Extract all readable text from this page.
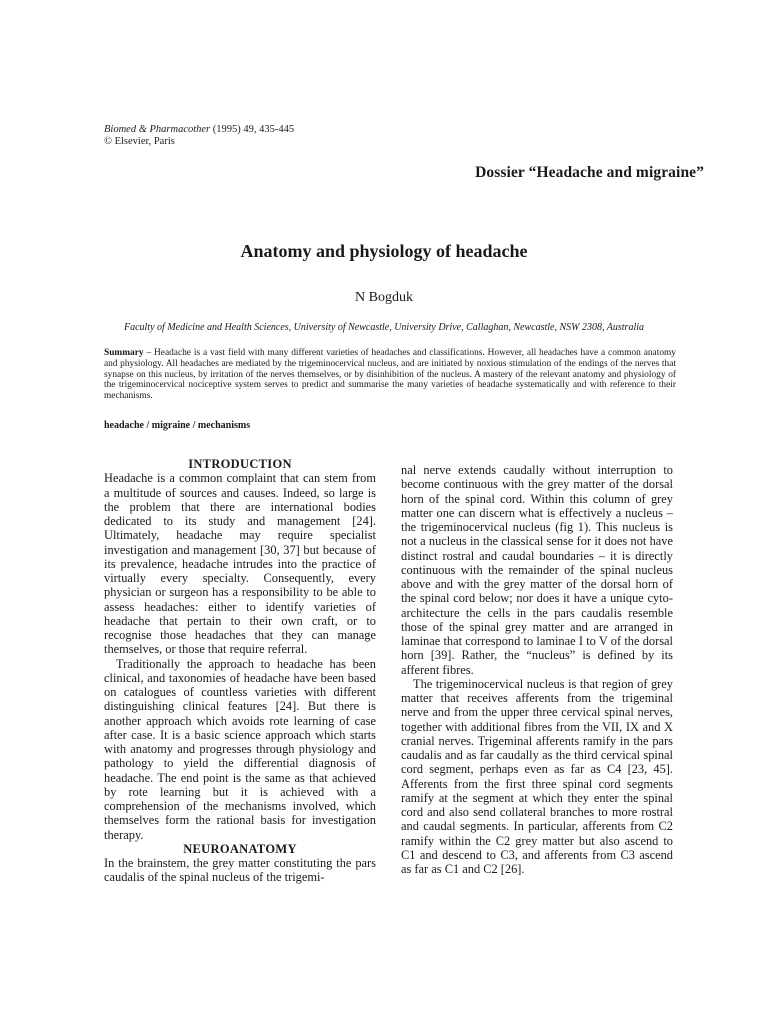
Biomed & Pharmacother (1995) 49, 435-445
© Elsevier, Paris
Dossier “Headache and migraine”
Anatomy and physiology of headache
N Bogduk
Faculty of Medicine and Health Sciences, University of Newcastle, University Drive, Callaghan, Newcastle, NSW 2308, Australia
Summary – Headache is a vast field with many different varieties of headaches and classifications. However, all headaches have a common anatomy and physiology. All headaches are mediated by the trigeminocervical nucleus, and are initiated by noxious stimulation of the endings of the nerves that synapse on this nucleus, by irritation of the nerves themselves, or by disinhibition of the nucleus. A mastery of the relevant anatomy and physiology of the trigeminocervical nociceptive system serves to predict and summarise the many varieties of headache systematically and with reference to their mechanisms.
headache / migraine / mechanisms

INTRODUCTION

Headache is a common complaint that can stem from a multitude of sources and causes. Indeed, so large is the problem that there are international bodies dedicated to its study and management [24]. Ultimately, headache may require specialist investigation and management [30, 37] but because of its prevalence, headache intrudes into the practice of virtually every specialty. Consequently, every physician or surgeon has a responsibility to be able to assess headaches: either to identify varieties of headache that pertain to their own craft, or to recognise those headaches that they can manage themselves, or those that require referral.

Traditionally the approach to headache has been clinical, and taxonomies of headache have been based on catalogues of countless varieties with different distinguishing clinical features [24]. But there is another approach which avoids rote learning of case after case. It is a basic science approach which starts with anatomy and progresses through physiology and pathology to yield the differential diagnosis of headache. The end point is the same as that achieved by rote learning but it is achieved with a comprehension of the mechanisms involved, which themselves form the rational basis for investigation therapy.

NEUROANATOMY

In the brainstem, the grey matter constituting the pars caudalis of the spinal nucleus of the trigemi-

nal nerve extends caudally without interruption to become continuous with the grey matter of the dorsal horn of the spinal cord. Within this column of grey matter one can discern what is effectively a nucleus – the trigeminocervical nucleus (fig 1). This nucleus is not a nucleus in the classical sense for it does not have distinct rostral and caudal boundaries – it is directly continuous with the remainder of the spinal nucleus above and with the grey matter of the dorsal horn of the spinal cord below; nor does it have a unique cyto-architecture the cells in the pars caudalis resemble those of the spinal grey matter and are arranged in laminae that correspond to laminae I to V of the dorsal horn [39]. Rather, the “nucleus” is defined by its afferent fibres.

The trigeminocervical nucleus is that region of grey matter that receives afferents from the trigeminal nerve and from the upper three cervical spinal nerves, together with additional fibres from the VII, IX and X cranial nerves. Trigeminal afferents ramify in the pars caudalis and as far caudally as the third cervical spinal cord segment, perhaps even as far as C4 [23, 45]. Afferents from the first three spinal cord segments ramify at the segment at which they enter the spinal cord and also send collateral branches to more rostral and caudal segments. In particular, afferents from C2 ramify within the C2 grey matter but also ascend to C1 and descend to C3, and afferents from C3 ascend as far as C1 and C2 [26].
